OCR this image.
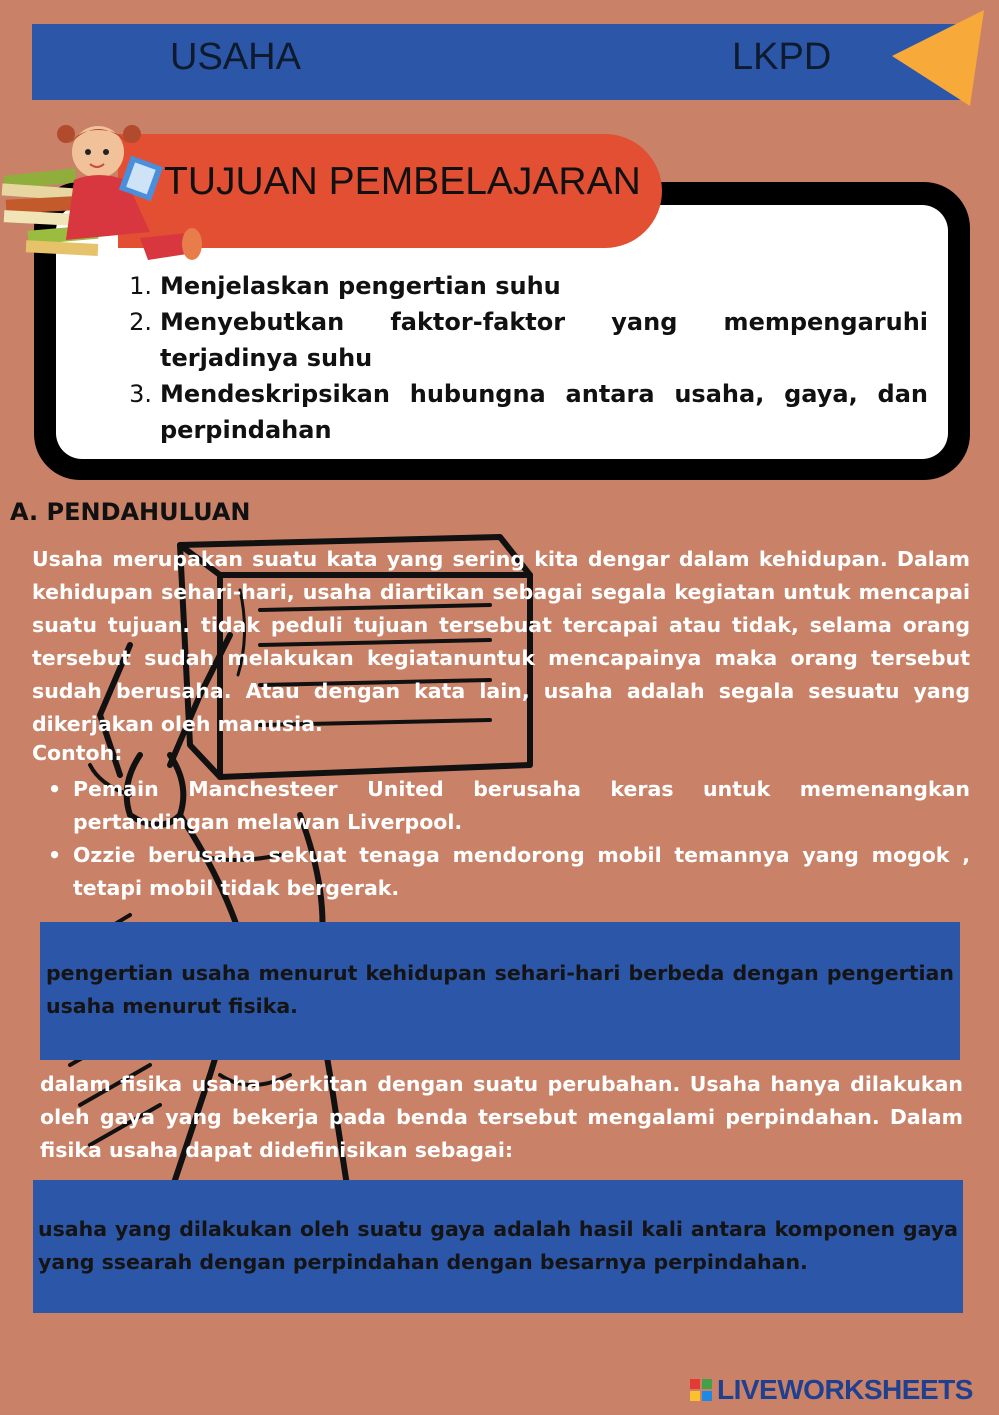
USAHA	LKPD
TUJUAN PEMBELAJARAN
1. Menjelaskan pengertian suhu
2. Menyebutkan faktor-faktor yang mempengaruhi terjadinya suhu
3. Mendeskripsikan hubungna antara usaha, gaya, dan perpindahan
A. PENDAHULUAN

Usaha merupakan suatu kata yang sering kita dengar dalam kehidupan. Dalam kehidupan sehari-hari, usaha diartikan sebagai segala kegiatan untuk mencapai suatu tujuan. tidak peduli tujuan tersebuat tercapai atau tidak, selama orang tersebut sudah melakukan kegiatanuntuk mencapainya maka orang tersebut sudah berusaha. Atau dengan kata lain, usaha adalah segala sesuatu yang dikerjakan oleh manusia.

Contoh:
• Pemain Manchesteer United berusaha keras untuk memenangkan pertandingan melawan Liverpool.
• Ozzie berusaha sekuat tenaga mendorong mobil temannya yang mogok , tetapi mobil tidak bergerak.

pengertian usaha menurut kehidupan sehari-hari berbeda dengan pengertian usaha menurut fisika.

dalam fisika usaha berkitan dengan suatu perubahan. Usaha hanya dilakukan oleh gaya yang bekerja pada benda tersebut mengalami perpindahan. Dalam fisika usaha dapat didefinisikan sebagai:

usaha yang dilakukan oleh suatu gaya adalah hasil kali antara komponen gaya yang ssearah dengan perpindahan dengan besarnya perpindahan.

LIVEWORKSHEETS
